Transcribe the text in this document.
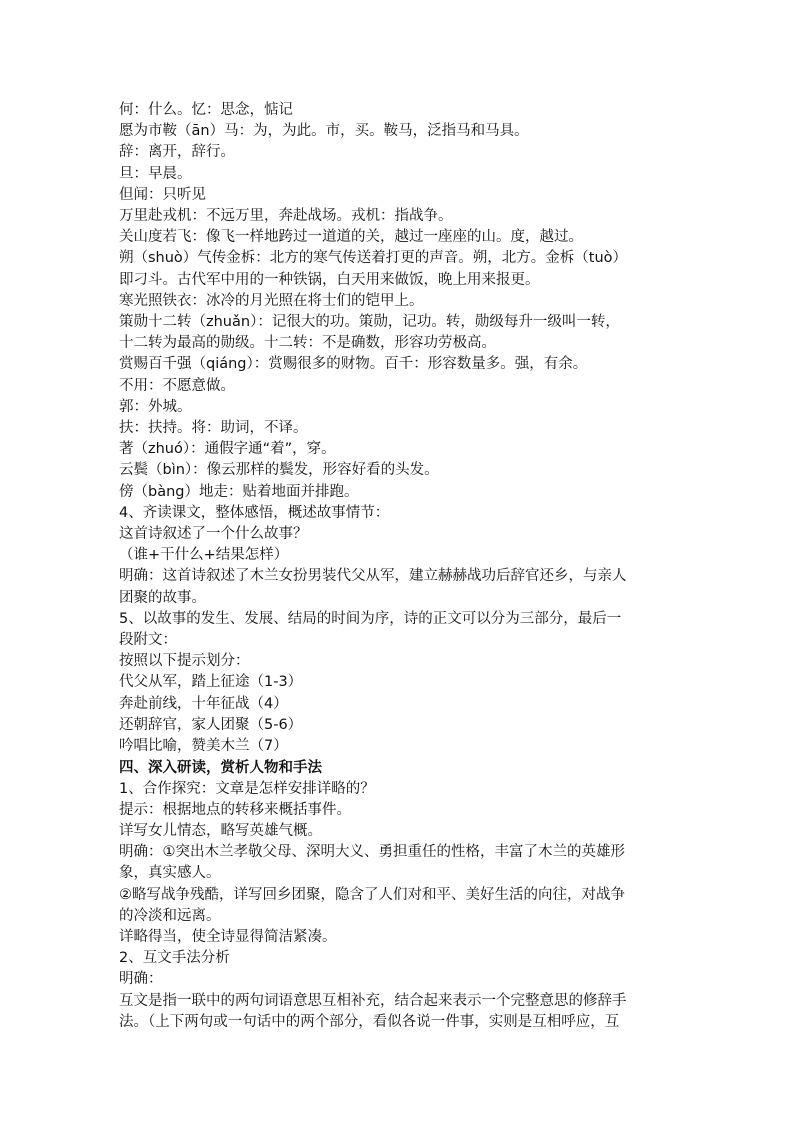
何：什么。忆：思念，惦记
愿为市鞍（ān）马：为，为此。市，买。鞍马，泛指马和马具。
辞：离开，辞行。
旦：早晨。
但闻：只听见
万里赴戎机：不远万里，奔赴战场。戎机：指战争。
关山度若飞：像飞一样地跨过一道道的关，越过一座座的山。度，越过。
朔（shuò）气传金柝：北方的寒气传送着打更的声音。朔，北方。金柝（tuò）
即刁斗。古代军中用的一种铁锅，白天用来做饭，晚上用来报更。
寒光照铁衣：冰冷的月光照在将士们的铠甲上。
策勋十二转（zhuǎn）：记很大的功。策勋，记功。转，勋级每升一级叫一转，
十二转为最高的勋级。十二转：不是确数，形容功劳极高。
赏赐百千强（qiáng）：赏赐很多的财物。百千：形容数量多。强，有余。
不用：不愿意做。
郭：外城。
扶：扶持。将：助词，不译。
著（zhuó）：通假字通“着”，穿。
云鬓（bìn）：像云那样的鬓发，形容好看的头发。
傍（bàng）地走：贴着地面并排跑。
4、齐读课文，整体感悟，概述故事情节：
这首诗叙述了一个什么故事？
（谁+干什么+结果怎样）
明确：这首诗叙述了木兰女扮男装代父从军，建立赫赫战功后辞官还乡，与亲人
团聚的故事。
5、以故事的发生、发展、结局的时间为序，诗的正文可以分为三部分，最后一
段附文：
按照以下提示划分：
代父从军，踏上征途（1-3）
奔赴前线，十年征战（4）
还朝辞官，家人团聚（5-6）
吟唱比喻，赞美木兰（7）
四、深入研读，赏析人物和手法
1、合作探究：文章是怎样安排详略的？
提示：根据地点的转移来概括事件。
详写女儿情态，略写英雄气概。
明确：①突出木兰孝敬父母、深明大义、勇担重任的性格，丰富了木兰的英雄形
象，真实感人。
②略写战争残酷，详写回乡团聚，隐含了人们对和平、美好生活的向往，对战争
的冷淡和远离。
详略得当，使全诗显得简洁紧凑。
2、互文手法分析
明确：
互文是指一联中的两句词语意思互相补充，结合起来表示一个完整意思的修辞手
法。（上下两句或一句话中的两个部分，看似各说一件事，实则是互相呼应，互
